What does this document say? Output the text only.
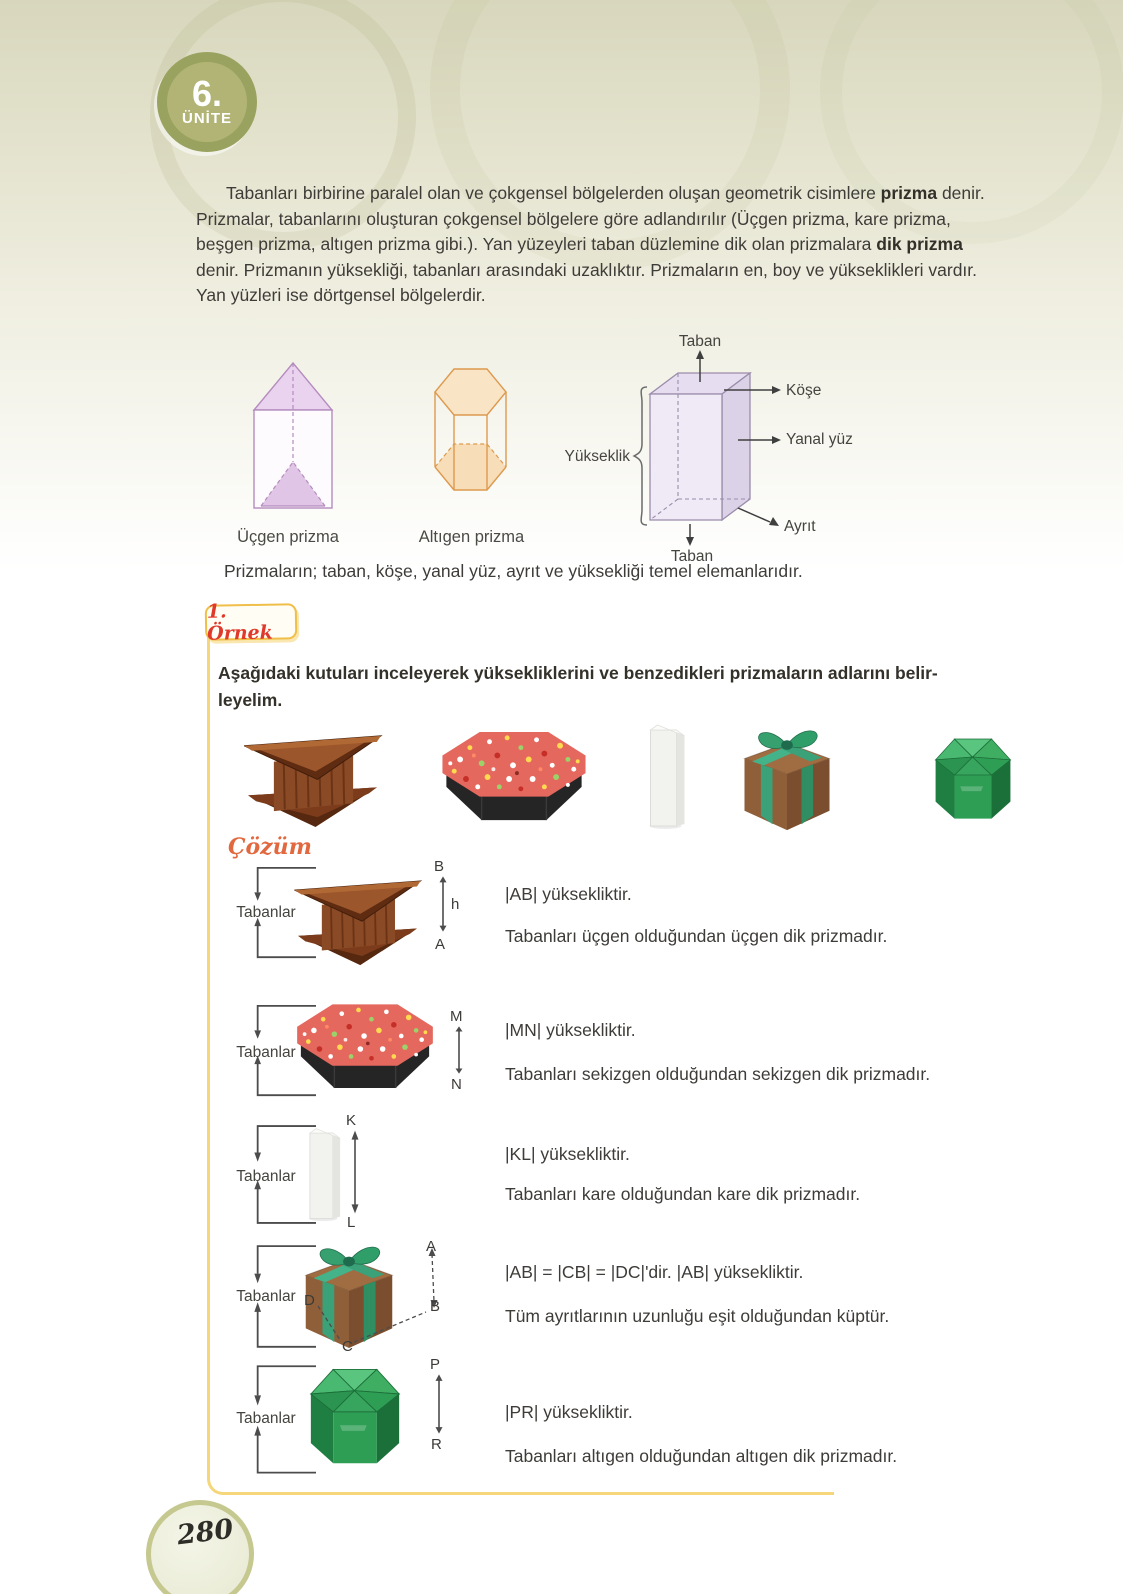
6.
ÜNİTE

Tabanları birbirine paralel olan ve çokgensel bölgelerden oluşan geometrik cisimlere prizma denir. Prizmalar, tabanlarını oluşturan çokgensel bölgelere göre adlandırılır (Üçgen prizma, kare prizma, beşgen prizma, altıgen prizma gibi.). Yan yüzeyleri taban düzlemine dik olan prizmalara dik prizma denir. Prizmanın yüksekliği, tabanları arasındaki uzaklıktır. Prizmaların en, boy ve yükseklikleri vardır. Yan yüzleri ise dörtgensel bölgelerdir.

Taban
Köşe
Yanal yüz
Yükseklik
Ayrıt
Taban
Üçgen prizma	Altıgen prizma
Prizmaların; taban, köşe, yanal yüz, ayrıt ve yüksekliği temel elemanlarıdır.
1. Örnek
Aşağıdaki kutuları inceleyerek yüksekliklerini ve benzedikleri prizmaların adlarını belir-
leyelim.
Çözüm
Tabanlar
B
h
A
|AB| yüksekliktir.
Tabanları üçgen olduğundan üçgen dik prizmadır.
Tabanlar
M
N
|MN| yüksekliktir.
Tabanları sekizgen olduğundan sekizgen dik prizmadır.
Tabanlar
K
L
|KL| yüksekliktir.
Tabanları kare olduğundan kare dik prizmadır.
Tabanlar
A
B
C
D
|AB| = |CB| = |DC|'dir. |AB| yüksekliktir.
Tüm ayrıtlarının uzunluğu eşit olduğundan küptür.
Tabanlar
P
R
|PR| yüksekliktir.
Tabanları altıgen olduğundan altıgen dik prizmadır.
280
